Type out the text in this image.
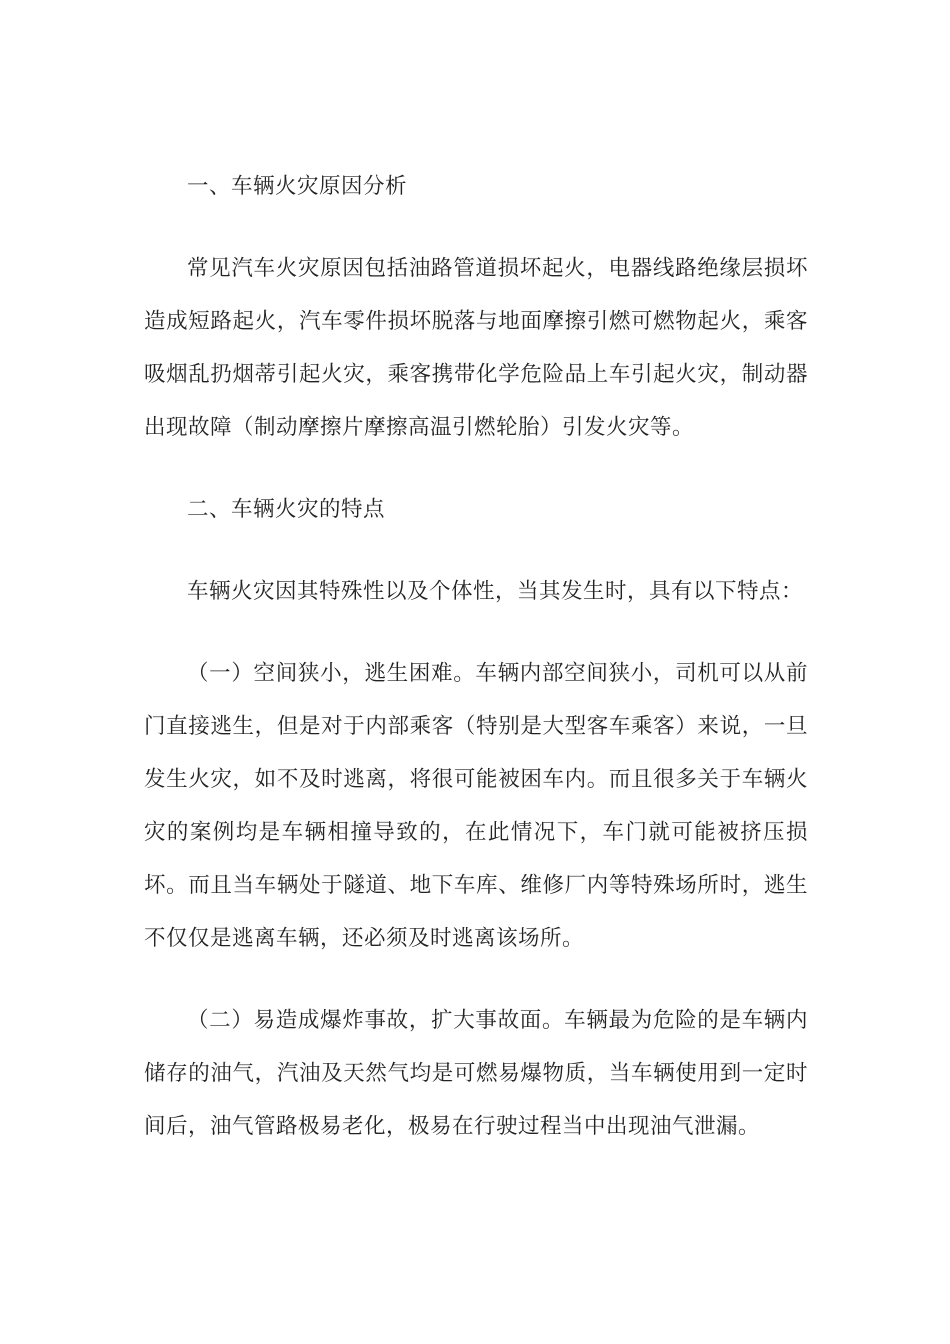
一、车辆火灾原因分析

常见汽车火灾原因包括油路管道损坏起火，电器线路绝缘层损坏造成短路起火，汽车零件损坏脱落与地面摩擦引燃可燃物起火，乘客吸烟乱扔烟蒂引起火灾，乘客携带化学危险品上车引起火灾，制动器出现故障（制动摩擦片摩擦高温引燃轮胎）引发火灾等。

二、车辆火灾的特点

车辆火灾因其特殊性以及个体性，当其发生时，具有以下特点：

（一）空间狭小，逃生困难。车辆内部空间狭小，司机可以从前门直接逃生，但是对于内部乘客（特别是大型客车乘客）来说，一旦发生火灾，如不及时逃离，将很可能被困车内。而且很多关于车辆火灾的案例均是车辆相撞导致的，在此情况下，车门就可能被挤压损坏。而且当车辆处于隧道、地下车库、维修厂内等特殊场所时，逃生不仅仅是逃离车辆，还必须及时逃离该场所。

（二）易造成爆炸事故，扩大事故面。车辆最为危险的是车辆内储存的油气，汽油及天然气均是可燃易爆物质，当车辆使用到一定时间后，油气管路极易老化，极易在行驶过程当中出现油气泄漏。
